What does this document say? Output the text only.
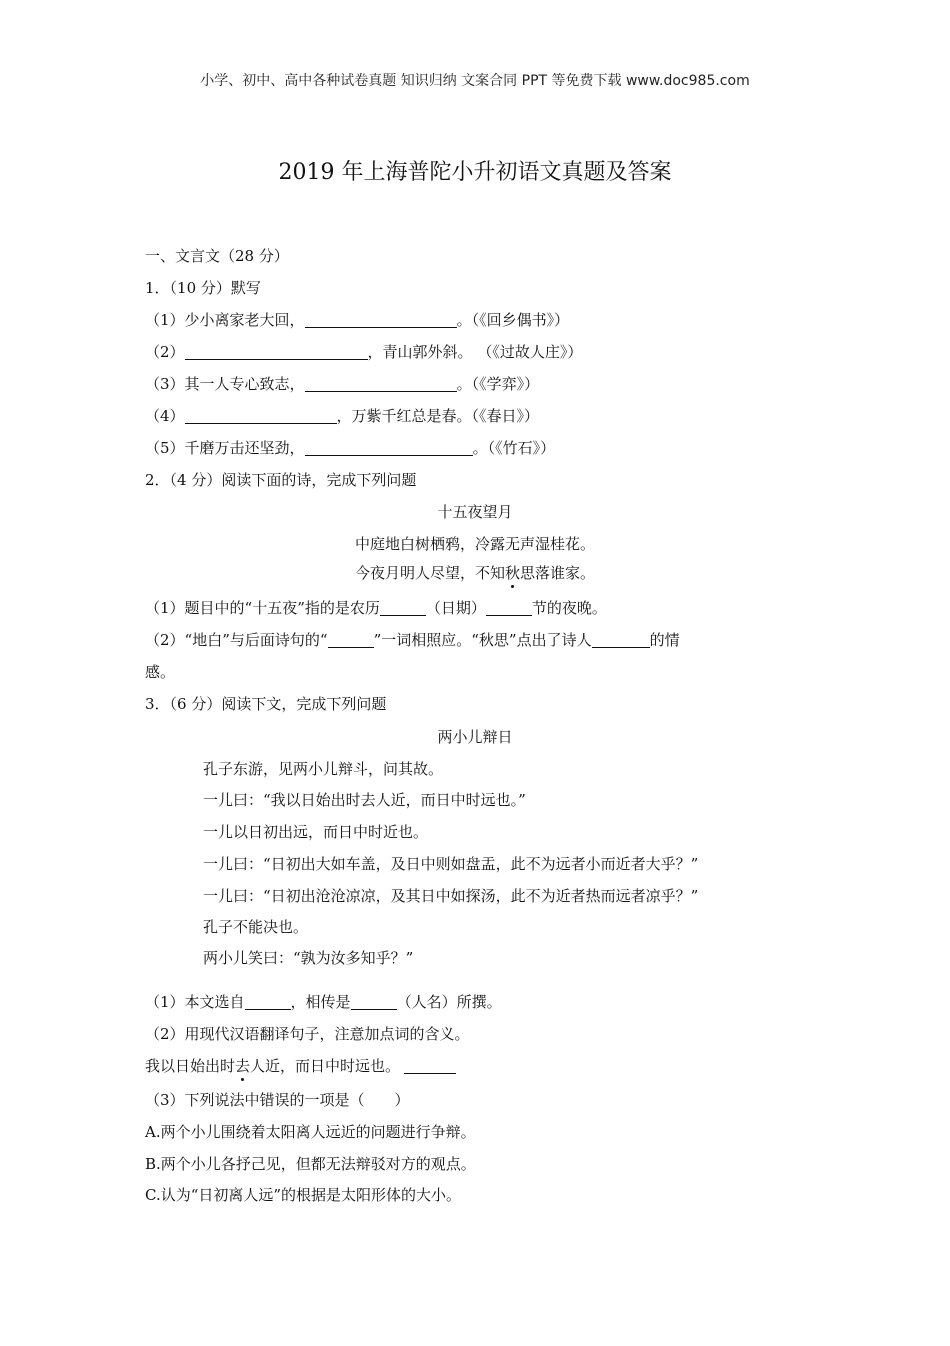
小学、初中、高中各种试卷真题 知识归纳 文案合同 PPT 等免费下载 www.doc985.com
2019 年上海普陀小升初语文真题及答案
一、文言文（28 分）
1．（10 分）默写
（1）少小离家老大回，	。（《回乡偶书》）
（2）	，青山郭外斜。 （《过故人庄》）
（3）其一人专心致志，	。（《学弈》）
（4）	，万紫千红总是春。（《春日》）
（5）千磨万击还坚劲，	。（《竹石》）
2．（4 分）阅读下面的诗，完成下列问题
十五夜望月
中庭地白树栖鸦，冷露无声湿桂花。
今夜月明人尽望，不知秋思落谁家。
（1）题目中的“十五夜”指的是农历	（日期）	节的夜晚。
（2）“地白”与后面诗句的“	”一词相照应。“秋思”点出了诗人	的情
感。
3．（6 分）阅读下文，完成下列问题
两小儿辩日
孔子东游，见两小儿辩斗，问其故。
一儿曰：“我以日始出时去人近，而日中时远也。”
一儿以日初出远，而日中时近也。
一儿曰：“日初出大如车盖，及日中则如盘盂，此不为远者小而近者大乎？”
一儿曰：“日初出沧沧凉凉，及其日中如探汤，此不为近者热而远者凉乎？”
孔子不能决也。
两小儿笑曰：“孰为汝多知乎？”
（1）本文选自	，相传是	（人名）所撰。
（2）用现代汉语翻译句子，注意加点词的含义。
我以日始出时去人近，而日中时远也。
（3）下列说法中错误的一项是（　　）
A.两个小儿围绕着太阳离人远近的问题进行争辩。
B.两个小儿各抒己见，但都无法辩驳对方的观点。
C.认为“日初离人远”的根据是太阳形体的大小。
